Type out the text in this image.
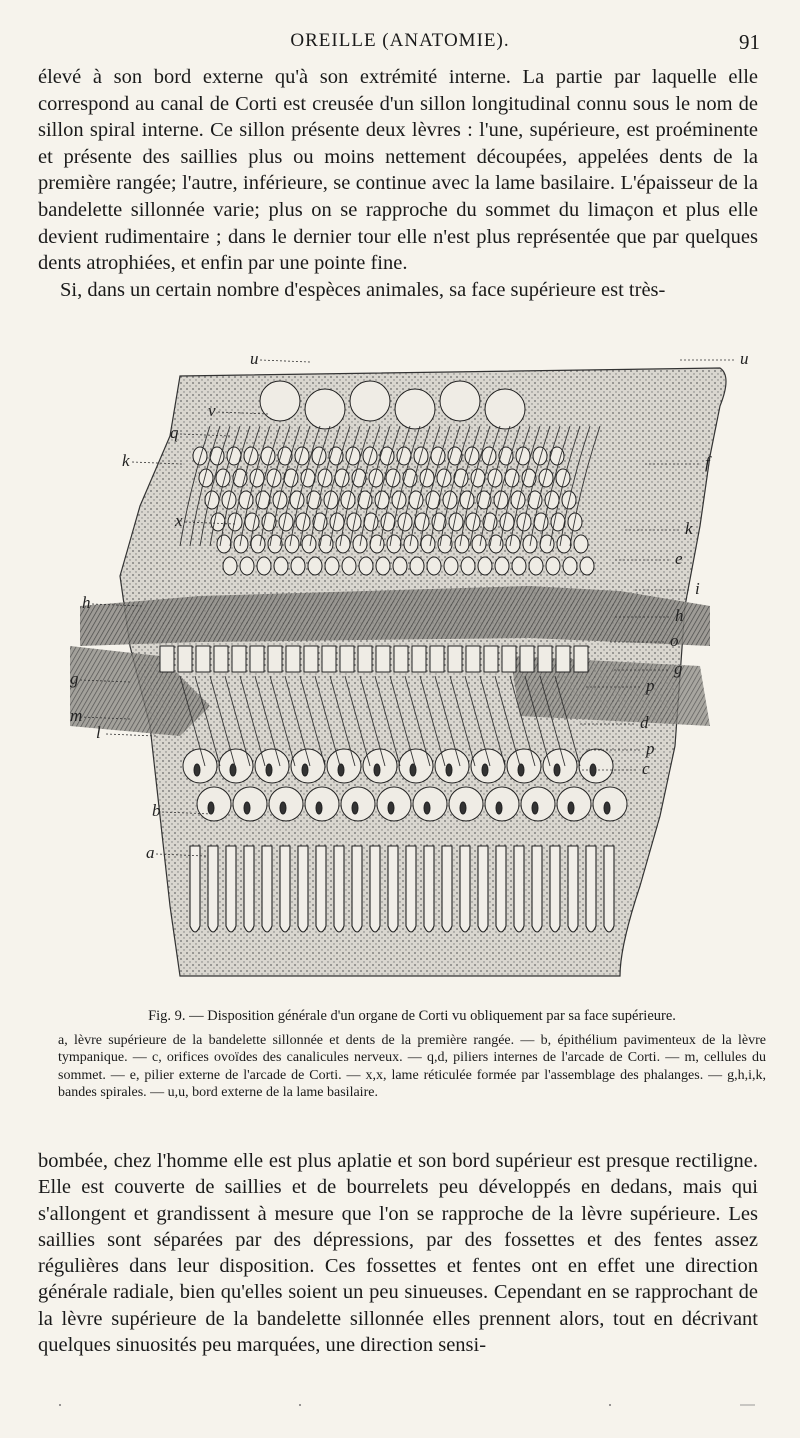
OREILLE (ANATOMIE).	91

élevé à son bord externe qu'à son extrémité interne. La partie par laquelle elle correspond au canal de Corti est creusée d'un sillon longitudinal connu sous le nom de sillon spiral interne. Ce sillon présente deux lèvres : l'une, supérieure, est proéminente et présente des saillies plus ou moins nettement découpées, appelées dents de la première rangée; l'autre, inférieure, se continue avec la lame basilaire. L'épaisseur de la bandelette sillonnée varie; plus on se rapproche du sommet du limaçon et plus elle devient rudimentaire ; dans le dernier tour elle n'est plus représentée que par quelques dents atrophiées, et enfin par une pointe fine.

Si, dans un certain nombre d'espèces animales, sa face supérieure est très-

u
v
q
k
x
h
g
m
l
b
a
u
f
k
e
i
h
o
g
p
d
p
c

Fig. 9. — Disposition générale d'un organe de Corti vu obliquement par sa face supérieure.

a, lèvre supérieure de la bandelette sillonnée et dents de la première rangée. — b, épithélium pavimenteux de la lèvre tympanique. — c, orifices ovoïdes des canalicules nerveux. — q,d, piliers internes de l'arcade de Corti. — m, cellules du sommet. — e, pilier externe de l'arcade de Corti. — x,x, lame réticulée formée par l'assemblage des phalanges. — g,h,i,k, bandes spirales. — u,u, bord externe de la lame basilaire.

bombée, chez l'homme elle est plus aplatie et son bord supérieur est presque rectiligne. Elle est couverte de saillies et de bourrelets peu développés en dedans, mais qui s'allongent et grandissent à mesure que l'on se rapproche de la lèvre supérieure. Les saillies sont séparées par des dépressions, par des fossettes et des fentes assez régulières dans leur disposition. Ces fossettes et fentes ont en effet une direction générale radiale, bien qu'elles soient un peu sinueuses. Cependant en se rapprochant de la lèvre supérieure de la bandelette sillonnée elles prennent alors, tout en décrivant quelques sinuosités peu marquées, une direction sensi-
